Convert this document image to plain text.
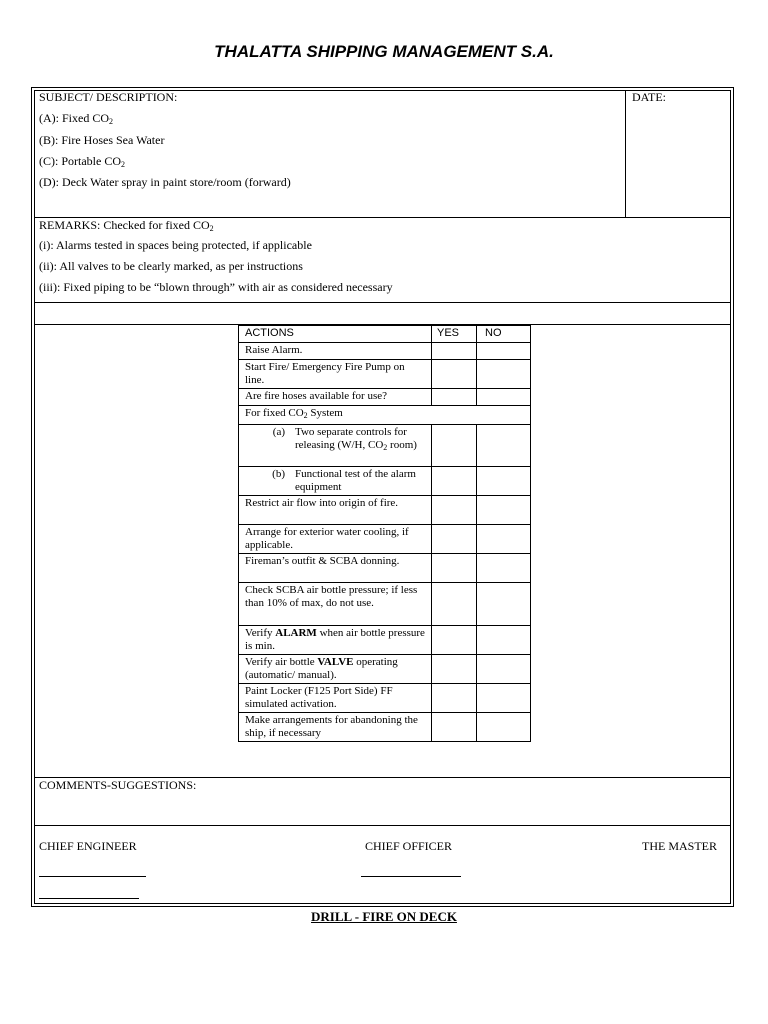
THALATTA SHIPPING MANAGEMENT S.A.
SUBJECT/ DESCRIPTION:
(A): Fixed $CO_2$
(B): Fire Hoses Sea Water
(C): Portable $CO_2$
(D): Deck Water spray in paint store/room (forward)
DATE:
REMARKS: Checked for fixed $CO_2$
(i): Alarms tested in spaces being protected, if applicable
(ii): All valves to be clearly marked, as per instructions
(iii): Fixed piping to be “blown through” with air as considered necessary
ACTIONS	YES	NO
Raise Alarm.		
Start Fire/ Emergency Fire Pump on line.		
Are fire hoses available for use?		
For fixed $CO_2$ System		

(a) Two separate controls for releasing (W/H, $CO_2$ room)		

(b) Functional test of the alarm equipment		

Restrict air flow into origin of fire.		
Arrange for exterior water cooling, if applicable.		
Fireman’s outfit & SCBA donning.		
Check SCBA air bottle pressure; if less than 10% of max, do not use.		
Verify ALARM when air bottle pressure is min.		
Verify air bottle VALVE operating (automatic/ manual).		
Paint Locker (F125 Port Side) FF simulated activation.		
Make arrangements for abandoning the ship, if necessary		
COMMENTS-SUGGESTIONS:
CHIEF ENGINEER	CHIEF OFFICER	THE MASTER
DRILL - FIRE ON DECK
